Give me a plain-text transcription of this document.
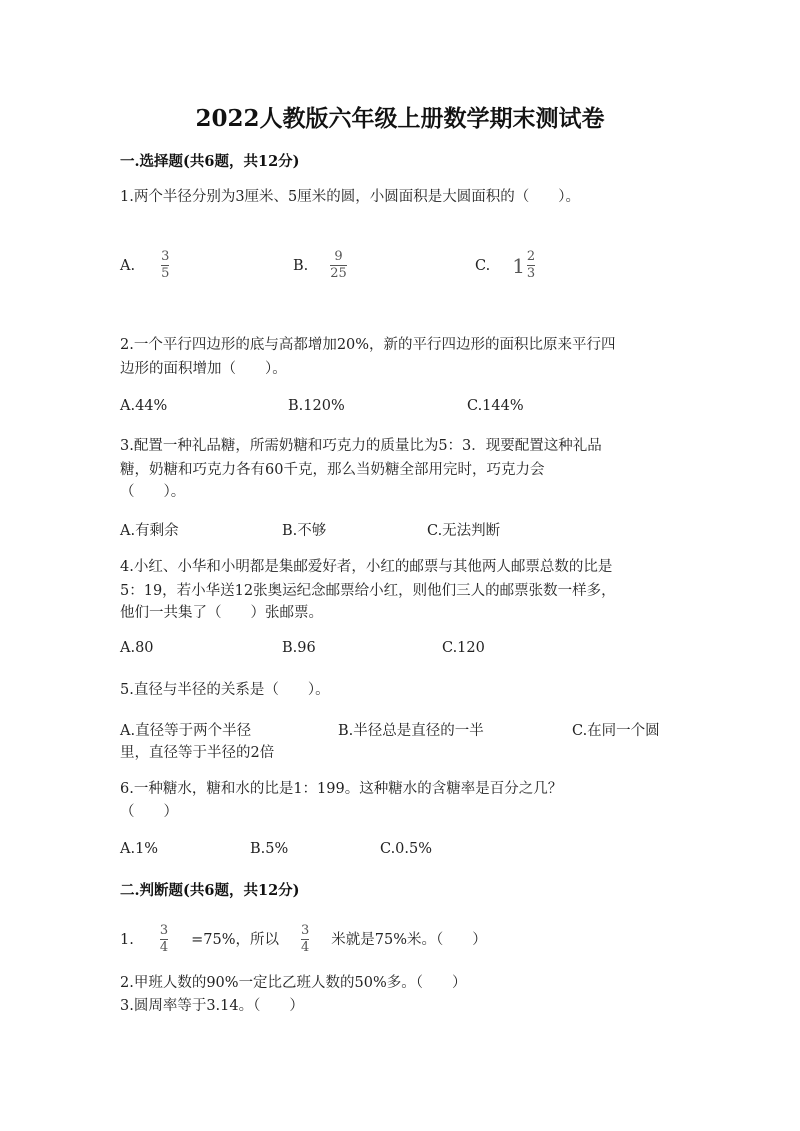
2022人教版六年级上册数学期末测试卷
一.选择题(共6题，共12分)
1.两个半径分别为3厘米、5厘米的圆，小圆面积是大圆面积的（　　）。
A. $\frac{3}{5}$	B. $\frac{9}{25}$	C. $1 \frac{2}{3}$
2.一个平行四边形的底与高都增加20%，新的平行四边形的面积比原来平行四
边形的面积增加（　　）。
A.44%	B.120%	C.144%
3.配置一种礼品糖，所需奶糖和巧克力的质量比为5：3．现要配置这种礼品
糖，奶糖和巧克力各有60千克，那么当奶糖全部用完时，巧克力会
（　　）。
A.有剩余	B.不够	C.无法判断
4.小红、小华和小明都是集邮爱好者，小红的邮票与其他两人邮票总数的比是
5：19，若小华送12张奥运纪念邮票给小红，则他们三人的邮票张数一样多，
他们一共集了（　　）张邮票。
A.80	B.96	C.120
5.直径与半径的关系是（　　）。
A.直径等于两个半径	B.半径总是直径的一半	C.在同一个圆
里，直径等于半径的2倍
6.一种糖水，糖和水的比是1：199。这种糖水的含糖率是百分之几？
（　　）
A.1%	B.5%	C.0.5%
二.判断题(共6题，共12分)
1. $\frac{3}{4} =75\%$，所以 $\frac{3}{4}$ 米就是75%米。（　　）
2.甲班人数的90%一定比乙班人数的50%多。（　　）
3.圆周率等于3.14。（　　）
